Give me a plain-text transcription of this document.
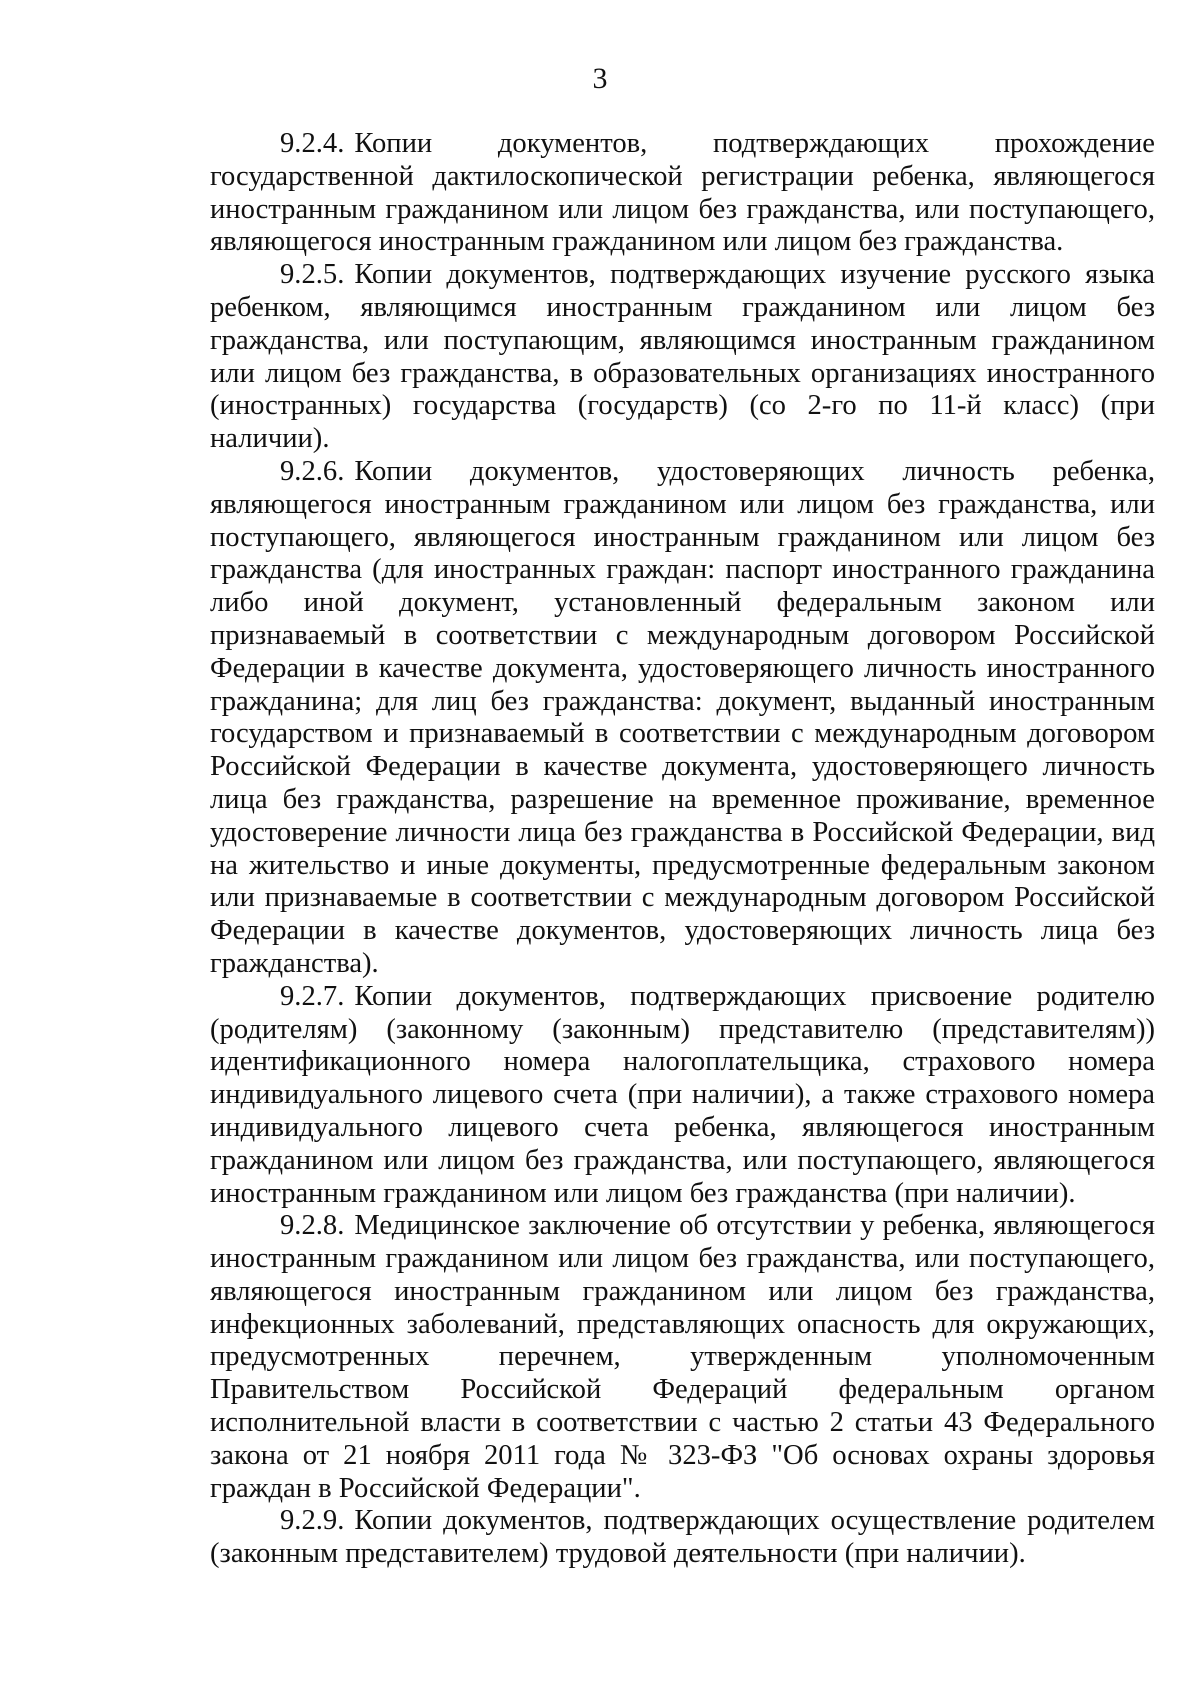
3

9.2.4. Копии документов, подтверждающих прохождение государственной дактилоскопической регистрации ребенка, являющегося иностранным гражданином или лицом без гражданства, или поступающего, являющегося иностранным гражданином или лицом без гражданства.

9.2.5. Копии документов, подтверждающих изучение русского языка ребенком, являющимся иностранным гражданином или лицом без гражданства, или поступающим, являющимся иностранным гражданином или лицом без гражданства, в образовательных организациях иностранного (иностранных) государства (государств) (со 2-го по 11-й класс) (при наличии).

9.2.6. Копии документов, удостоверяющих личность ребенка, являющегося иностранным гражданином или лицом без гражданства, или поступающего, являющегося иностранным гражданином или лицом без гражданства (для иностранных граждан: паспорт иностранного гражданина либо иной документ, установленный федеральным законом или признаваемый в соответствии с международным договором Российской Федерации в качестве документа, удостоверяющего личность иностранного гражданина; для лиц без гражданства: документ, выданный иностранным государством и признаваемый в соответствии с международным договором Российской Федерации в качестве документа, удостоверяющего личность лица без гражданства, разрешение на временное проживание, временное удостоверение личности лица без гражданства в Российской Федерации, вид на жительство и иные документы, предусмотренные федеральным законом или признаваемые в соответствии с международным договором Российской Федерации в качестве документов, удостоверяющих личность лица без гражданства).

9.2.7. Копии документов, подтверждающих присвоение родителю (родителям) (законному (законным) представителю (представителям)) идентификационного номера налогоплательщика, страхового номера индивидуального лицевого счета (при наличии), а также страхового номера индивидуального лицевого счета ребенка, являющегося иностранным гражданином или лицом без гражданства, или поступающего, являющегося иностранным гражданином или лицом без гражданства (при наличии).

9.2.8. Медицинское заключение об отсутствии у ребенка, являющегося иностранным гражданином или лицом без гражданства, или поступающего, являющегося иностранным гражданином или лицом без гражданства, инфекционных заболеваний, представляющих опасность для окружающих, предусмотренных перечнем, утвержденным уполномоченным Правительством Российской Федераций федеральным органом исполнительной власти в соответствии с частью 2 статьи 43 Федерального закона от 21 ноября 2011 года № 323-ФЗ "Об основах охраны здоровья граждан в Российской Федерации".

9.2.9. Копии документов, подтверждающих осуществление родителем (законным представителем) трудовой деятельности (при наличии).
